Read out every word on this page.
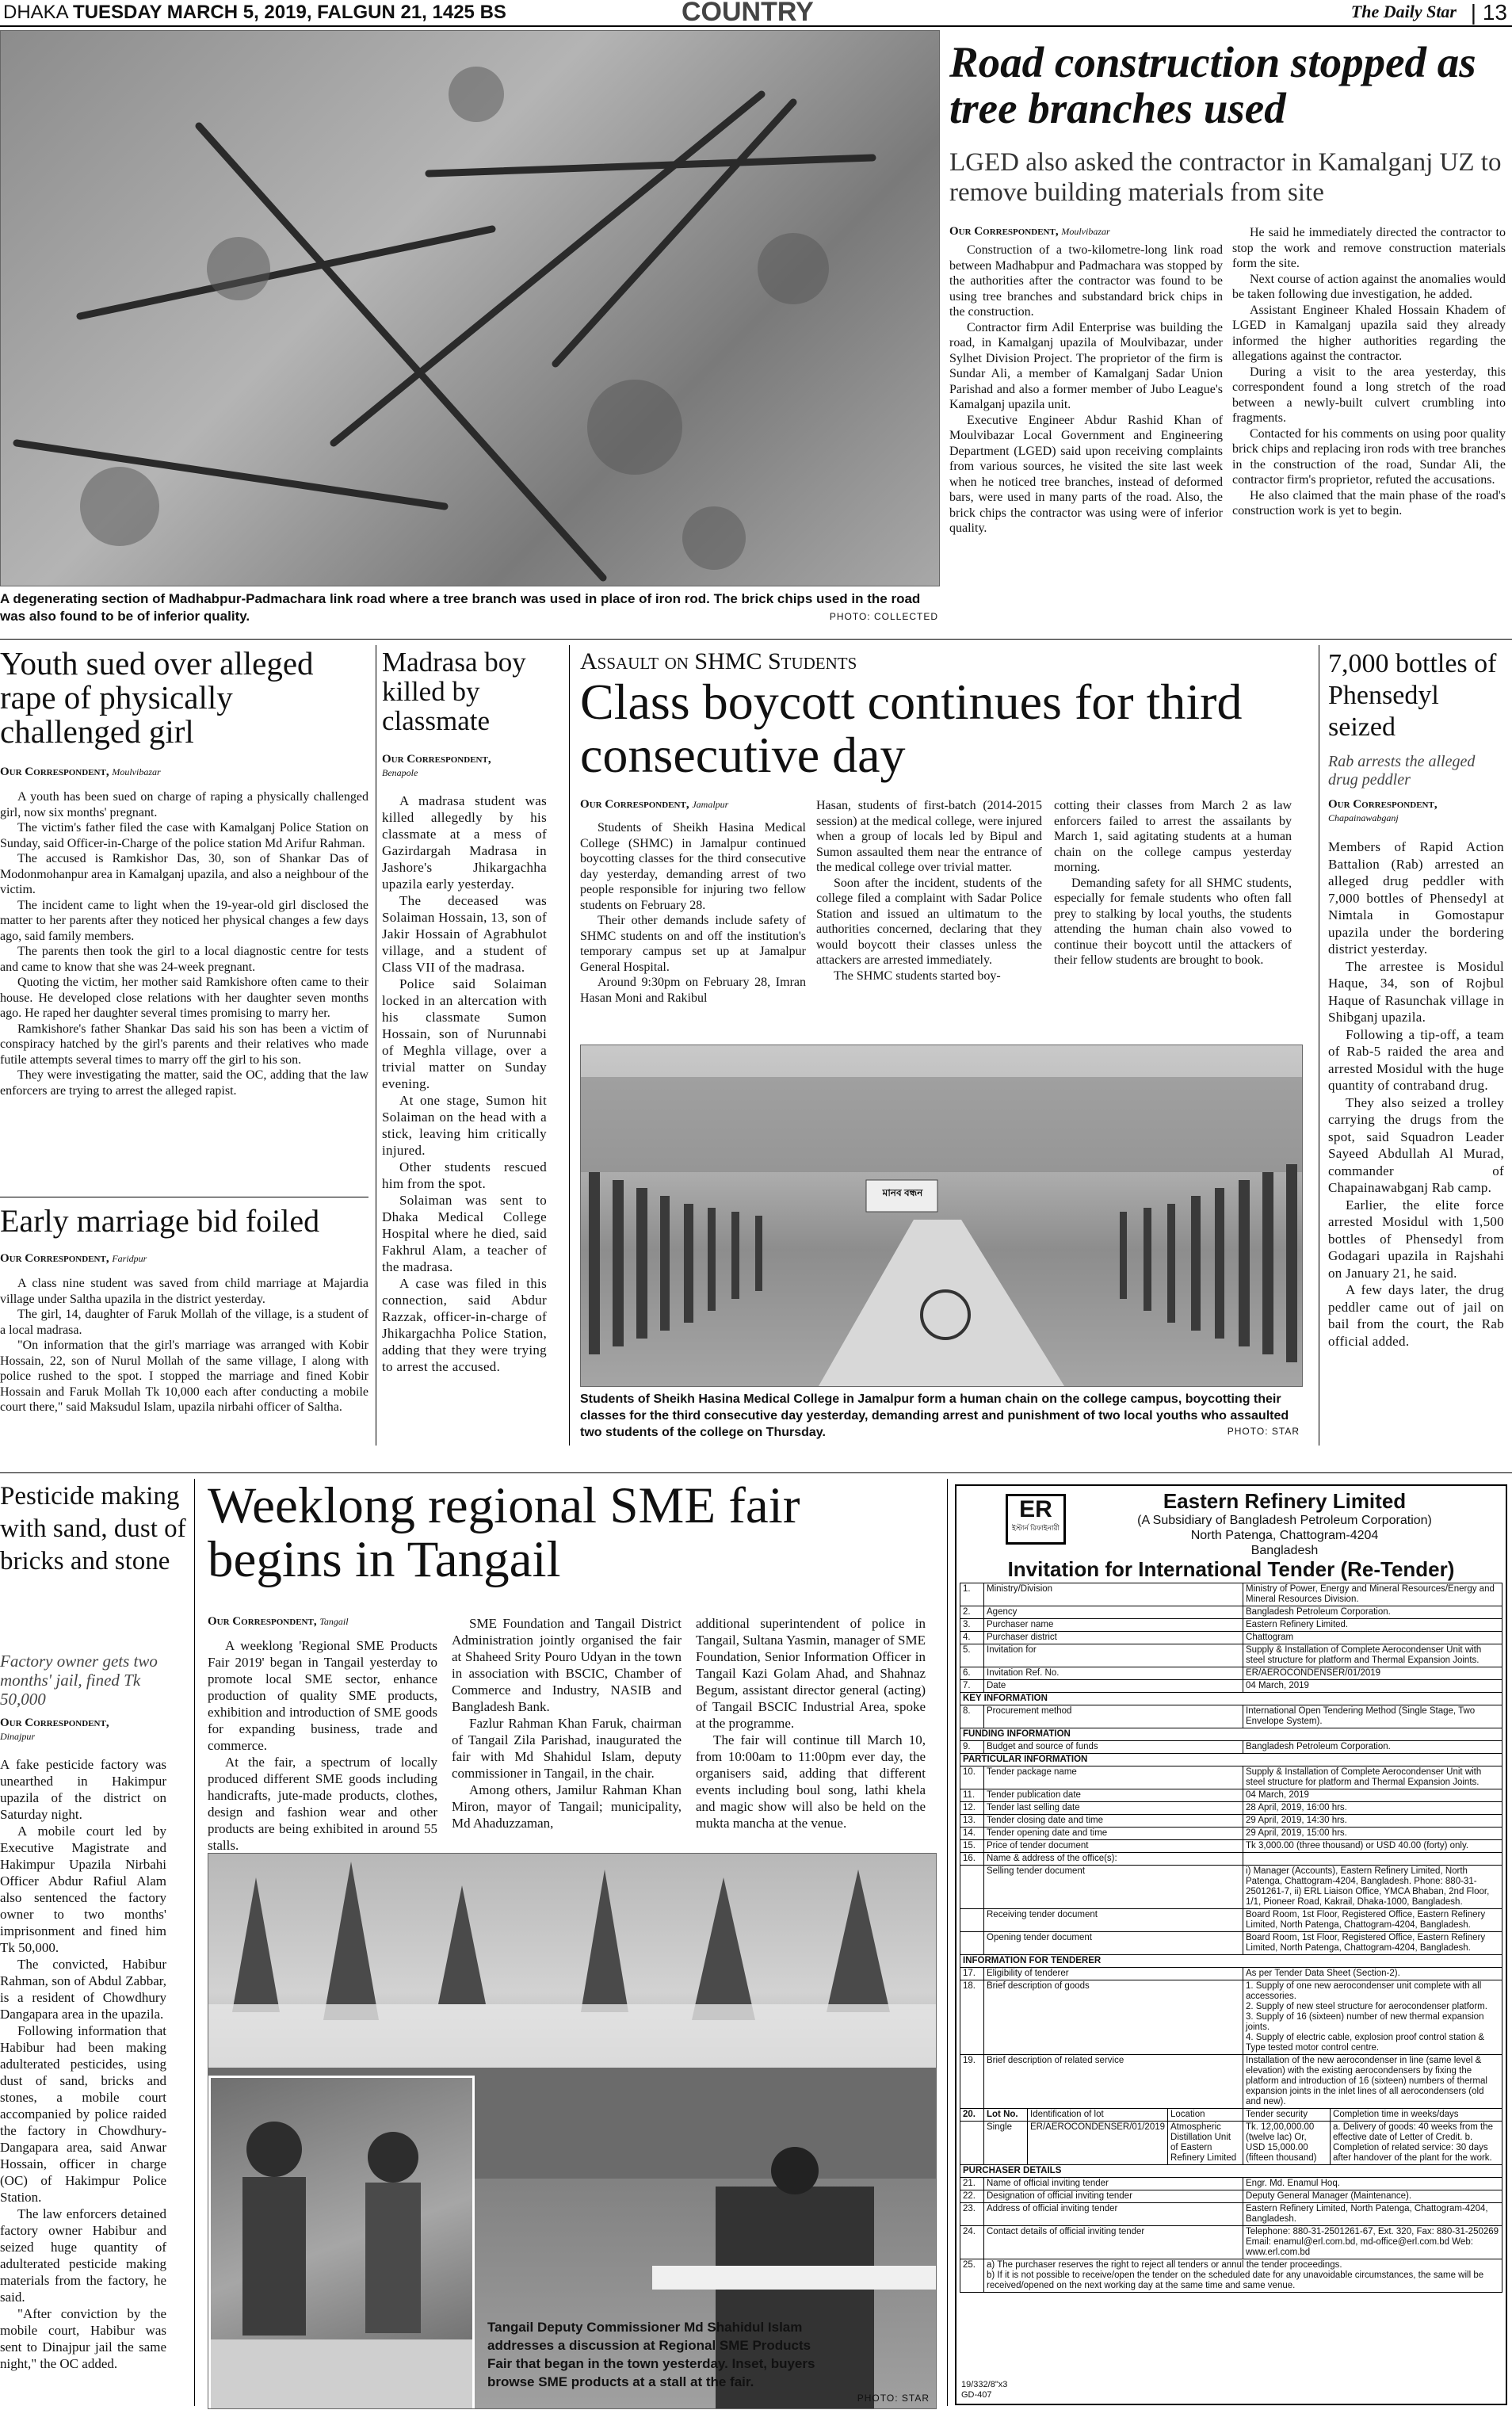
DHAKA TUESDAY MARCH 5, 2019, FALGUN 21, 1425 BS	COUNTRY	The Daily Star | 13
A degenerating section of Madhabpur-Padmachara link road where a tree branch was used in place of iron rod. The brick chips used in the road was also found to be of inferior quality.	PHOTO: COLLECTED
Road construction stopped as tree branches used
LGED also asked the contractor in Kamalganj UZ to remove building materials from site
Our Correspondent, Moulvibazar

Construction of a two-kilometre-long link road between Madhabpur and Padmachara was stopped by the authorities after the contractor was found to be using tree branches and substandard brick chips in the construction.

Contractor firm Adil Enterprise was building the road, in Kamalganj upazila of Moulvibazar, under Sylhet Division Project. The proprietor of the firm is Sundar Ali, a member of Kamalganj Sadar Union Parishad and also a former member of Jubo League's Kamalganj upazila unit.

Executive Engineer Abdur Rashid Khan of Moulvibazar Local Government and Engineering Department (LGED) said upon receiving complaints from various sources, he visited the site last week when he noticed tree branches, instead of deformed bars, were used in many parts of the road. Also, the brick chips the contractor was using were of inferior quality.

He said he immediately directed the contractor to stop the work and remove construction materials form the site.

Next course of action against the anomalies would be taken following due investigation, he added.

Assistant Engineer Khaled Hossain Khadem of LGED in Kamalganj upazila said they already informed the higher authorities regarding the allegations against the contractor.

During a visit to the area yesterday, this correspondent found a long stretch of the road between a newly-built culvert crumbling into fragments.

Contacted for his comments on using poor quality brick chips and replacing iron rods with tree branches in the construction of the road, Sundar Ali, the contractor firm's proprietor, refuted the accusations.

He also claimed that the main phase of the road's construction work is yet to begin.

Youth sued over alleged rape of physically challenged girl
Our Correspondent, Moulvibazar

A youth has been sued on charge of raping a physically challenged girl, now six months' pregnant.

The victim's father filed the case with Kamalganj Police Station on Sunday, said Officer-in-Charge of the police station Md Arifur Rahman.

The accused is Ramkishor Das, 30, son of Shankar Das of Modonmohanpur area in Kamalganj upazila, and also a neighbour of the victim.

The incident came to light when the 19-year-old girl disclosed the matter to her parents after they noticed her physical changes a few days ago, said family members.

The parents then took the girl to a local diagnostic centre for tests and came to know that she was 24-week pregnant.

Quoting the victim, her mother said Ramkishore often came to their house. He developed close relations with her daughter seven months ago. He raped her daughter several times promising to marry her.

Ramkishore's father Shankar Das said his son has been a victim of conspiracy hatched by the girl's parents and their relatives who made futile attempts several times to marry off the girl to his son.

They were investigating the matter, said the OC, adding that the law enforcers are trying to arrest the alleged rapist.

Early marriage bid foiled
Our Correspondent, Faridpur

A class nine student was saved from child marriage at Majardia village under Saltha upazila in the district yesterday.

The girl, 14, daughter of Faruk Mollah of the village, is a student of a local madrasa.

"On information that the girl's marriage was arranged with Kobir Hossain, 22, son of Nurul Mollah of the same village, I along with police rushed to the spot. I stopped the marriage and fined Kobir Hossain and Faruk Mollah Tk 10,000 each after conducting a mobile court there," said Maksudul Islam, upazila nirbahi officer of Saltha.

Madrasa boy killed by classmate
Our Correspondent,
Benapole

A madrasa student was killed allegedly by his classmate at a mess of Gazirdargah Madrasa in Jashore's Jhikargachha upazila early yesterday.

The deceased was Solaiman Hossain, 13, son of Jakir Hossain of Agrabhulot village, and a student of Class VII of the madrasa.

Police said Solaiman locked in an altercation with his classmate Sumon Hossain, son of Nurunnabi of Meghla village, over a trivial matter on Sunday evening.

At one stage, Sumon hit Solaiman on the head with a stick, leaving him critically injured.

Other students rescued him from the spot.

Solaiman was sent to Dhaka Medical College Hospital where he died, said Fakhrul Alam, a teacher of the madrasa.

A case was filed in this connection, said Abdur Razzak, officer-in-charge of Jhikargachha Police Station, adding that they were trying to arrest the accused.

Assault on SHMC Students
Class boycott continues for third consecutive day
Our Correspondent, Jamalpur

Students of Sheikh Hasina Medical College (SHMC) in Jamalpur continued boycotting classes for the third consecutive day yesterday, demanding arrest of two people responsible for injuring two fellow students on February 28.

Their other demands include safety of SHMC students on and off the institution's temporary campus set up at Jamalpur General Hospital.

Around 9:30pm on February 28, Imran Hasan Moni and Rakibul

Hasan, students of first-batch (2014-2015 session) at the medical college, were injured when a group of locals led by Bipul and Sumon assaulted them near the entrance of the medical college over trivial matter.

Soon after the incident, students of the college filed a complaint with Sadar Police Station and issued an ultimatum to the authorities concerned, declaring that they would boycott their classes unless the attackers are arrested immediately.

The SHMC students started boy-

cotting their classes from March 2 as law enforcers failed to arrest the assailants by March 1, said agitating students at a human chain on the college campus yesterday morning.

Demanding safety for all SHMC students, especially for female students who often fall prey to stalking by local youths, the students attending the human chain also vowed to continue their boycott until the attackers of their fellow students are brought to book.

মানব বন্ধন
Students of Sheikh Hasina Medical College in Jamalpur form a human chain on the college campus, boycotting their classes for the third consecutive day yesterday, demanding arrest and punishment of two local youths who assaulted two students of the college on Thursday.	PHOTO: STAR
7,000 bottles of Phensedyl seized
Rab arrests the alleged drug peddler
Our Correspondent,
Chapainawabganj

Members of Rapid Action Battalion (Rab) arrested an alleged drug peddler with 7,000 bottles of Phensedyl at Nimtala in Gomostapur upazila under the bordering district yesterday.

The arrestee is Mosidul Haque, 34, son of Rojbul Haque of Rasunchak village in Shibganj upazila.

Following a tip-off, a team of Rab-5 raided the area and arrested Mosidul with the huge quantity of contraband drug.

They also seized a trolley carrying the drugs from the spot, said Squadron Leader Sayeed Abdullah Al Murad, commander of Chapainawabganj Rab camp.

Earlier, the elite force arrested Mosidul with 1,500 bottles of Phensedyl from Godagari upazila in Rajshahi on January 21, he said.

A few days later, the drug peddler came out of jail on bail from the court, the Rab official added.

Pesticide making with sand, dust of bricks and stone
Factory owner gets two months' jail, fined Tk 50,000
Our Correspondent,
Dinajpur

A fake pesticide factory was unearthed in Hakimpur upazila of the district on Saturday night.

A mobile court led by Executive Magistrate and Hakimpur Upazila Nirbahi Officer Abdur Rafiul Alam also sentenced the factory owner to two months' imprisonment and fined him Tk 50,000.

The convicted, Habibur Rahman, son of Abdul Zabbar, is a resident of Chowdhury Dangapara area in the upazila.

Following information that Habibur had been making adulterated pesticides, using dust of sand, bricks and stones, a mobile court accompanied by police raided the factory in Chowdhury-Dangapara area, said Anwar Hossain, officer in charge (OC) of Hakimpur Police Station.

The law enforcers detained factory owner Habibur and seized huge quantity of adulterated pesticide making materials from the factory, he said.

"After conviction by the mobile court, Habibur was sent to Dinajpur jail the same night," the OC added.

Weeklong regional SME fair begins in Tangail
Our Correspondent, Tangail

A weeklong 'Regional SME Products Fair 2019' began in Tangail yesterday to promote local SME sector, enhance production of quality SME products, exhibition and introduction of SME goods for expanding business, trade and commerce.

At the fair, a spectrum of locally produced different SME goods including handicrafts, jute-made products, clothes, design and fashion wear and other products are being exhibited in around 55 stalls.

SME Foundation and Tangail District Administration jointly organised the fair at Shaheed Srity Pouro Udyan in the town in association with BSCIC, Chamber of Commerce and Industry, NASIB and Bangladesh Bank.

Fazlur Rahman Khan Faruk, chairman of Tangail Zila Parishad, inaugurated the fair with Md Shahidul Islam, deputy commissioner in Tangail, in the chair.

Among others, Jamilur Rahman Khan Miron, mayor of Tangail; municipality, Md Ahaduzzaman,

additional superintendent of police in Tangail, Sultana Yasmin, manager of SME Foundation, Senior Information Officer in Tangail Kazi Golam Ahad, and Shahnaz Begum, assistant director general (acting) of Tangail BSCIC Industrial Area, spoke at the programme.

The fair will continue till March 10, from 10:00am to 11:00pm ever day, the organisers said, adding that different events including boul song, lathi khela and magic show will also be held on the mukta mancha at the venue.

Tangail Deputy Commissioner Md Shahidul Islam addresses a discussion at Regional SME Products Fair that began in the town yesterday. Inset, buyers browse SME products at a stall at the fair.
PHOTO: STAR
ER
ইস্টার্ন রিফাইনারী
Eastern Refinery Limited
(A Subsidiary of Bangladesh Petroleum Corporation)
North Patenga, Chattogram-4204
Bangladesh
Invitation for International Tender (Re-Tender)
1.	Ministry/Division			Ministry of Power, Energy and Mineral Resources/Energy and Mineral Resources Division.	
2.	Agency			Bangladesh Petroleum Corporation.	
3.	Purchaser name			Eastern Refinery Limited.	
4.	Purchaser district			Chattogram	
5.	Invitation for			Supply & Installation of Complete Aerocondenser Unit with steel structure for platform and Thermal Expansion Joints.	
6.	Invitation Ref. No.			ER/AEROCONDENSER/01/2019	
7.	Date			04 March, 2019	
KEY INFORMATION					
8.	Procurement method			International Open Tendering Method (Single Stage, Two Envelope System).	
FUNDING INFORMATION					
9.	Budget and source of funds			Bangladesh Petroleum Corporation.	
PARTICULAR INFORMATION					
10.	Tender package name			Supply & Installation of Complete Aerocondenser Unit with steel structure for platform and Thermal Expansion Joints.	
11.	Tender publication date			04 March, 2019	
12.	Tender last selling date			28 April, 2019, 16:00 hrs.	
13.	Tender closing date and time			29 April, 2019, 14:30 hrs.	
14.	Tender opening date and time			29 April, 2019, 15:00 hrs.	
15.	Price of tender document			Tk 3,000.00 (three thousand) or USD 40.00 (forty) only.	
16.	Name & address of the office(s):				
	Selling tender document			i) Manager (Accounts), Eastern Refinery Limited, North Patenga, Chattogram-4204, Bangladesh. Phone: 880-31-2501261-7, ii) ERL Liaison Office, YMCA Bhaban, 2nd Floor, 1/1, Pioneer Road, Kakrail, Dhaka-1000, Bangladesh.	
	Receiving tender document			Board Room, 1st Floor, Registered Office, Eastern Refinery Limited, North Patenga, Chattogram-4204, Bangladesh.	
	Opening tender document			Board Room, 1st Floor, Registered Office, Eastern Refinery Limited, North Patenga, Chattogram-4204, Bangladesh.	
INFORMATION FOR TENDERER					
17.	Eligibility of tenderer			As per Tender Data Sheet (Section-2).	
18.	Brief description of goods			1. Supply of one new aerocondenser unit complete with all accessories.
2. Supply of new steel structure for aerocondenser platform.
3. Supply of 16 (sixteen) number of new thermal expansion joints.
4. Supply of electric cable, explosion proof control station & Type tested motor control centre.	

19.	Brief description of related service			Installation of the new aerocondenser in line (same level & elevation) with the existing aerocondensers by fixing the platform and introduction of 16 (sixteen) numbers of thermal expansion joints in the inlet lines of all aerocondensers (old and new).	
20.	Lot No.	Identification of lot	Location	Tender security	Completion time in weeks/days
	Single	ER/AEROCONDENSER/01/2019	Atmospheric Distillation Unit of Eastern Refinery Limited	Tk. 12,00,000.00 (twelve lac) Or, USD 15,000.00 (fifteen thousand)	a. Delivery of goods: 40 weeks from the effective date of Letter of Credit. b. Completion of related service: 30 days after handover of the plant for the work.
PURCHASER DETAILS					
21.	Name of official inviting tender			Engr. Md. Enamul Hoq.	
22.	Designation of official inviting tender			Deputy General Manager (Maintenance).	
23.	Address of official inviting tender			Eastern Refinery Limited, North Patenga, Chattogram-4204, Bangladesh.	
24.	Contact details of official inviting tender			Telephone: 880-31-2501261-67, Ext. 320, Fax: 880-31-250269 Email: enamul@erl.com.bd, md-office@erl.com.bd Web: www.erl.com.bd	
25.	a) The purchaser reserves the right to reject all tenders or annul the tender proceedings.
b) If it is not possible to receive/open the tender on the scheduled date for any unavoidable circumstances, the same will be received/opened on the next working day at the same time and same venue.				
19/332/8"x3
GD-407
